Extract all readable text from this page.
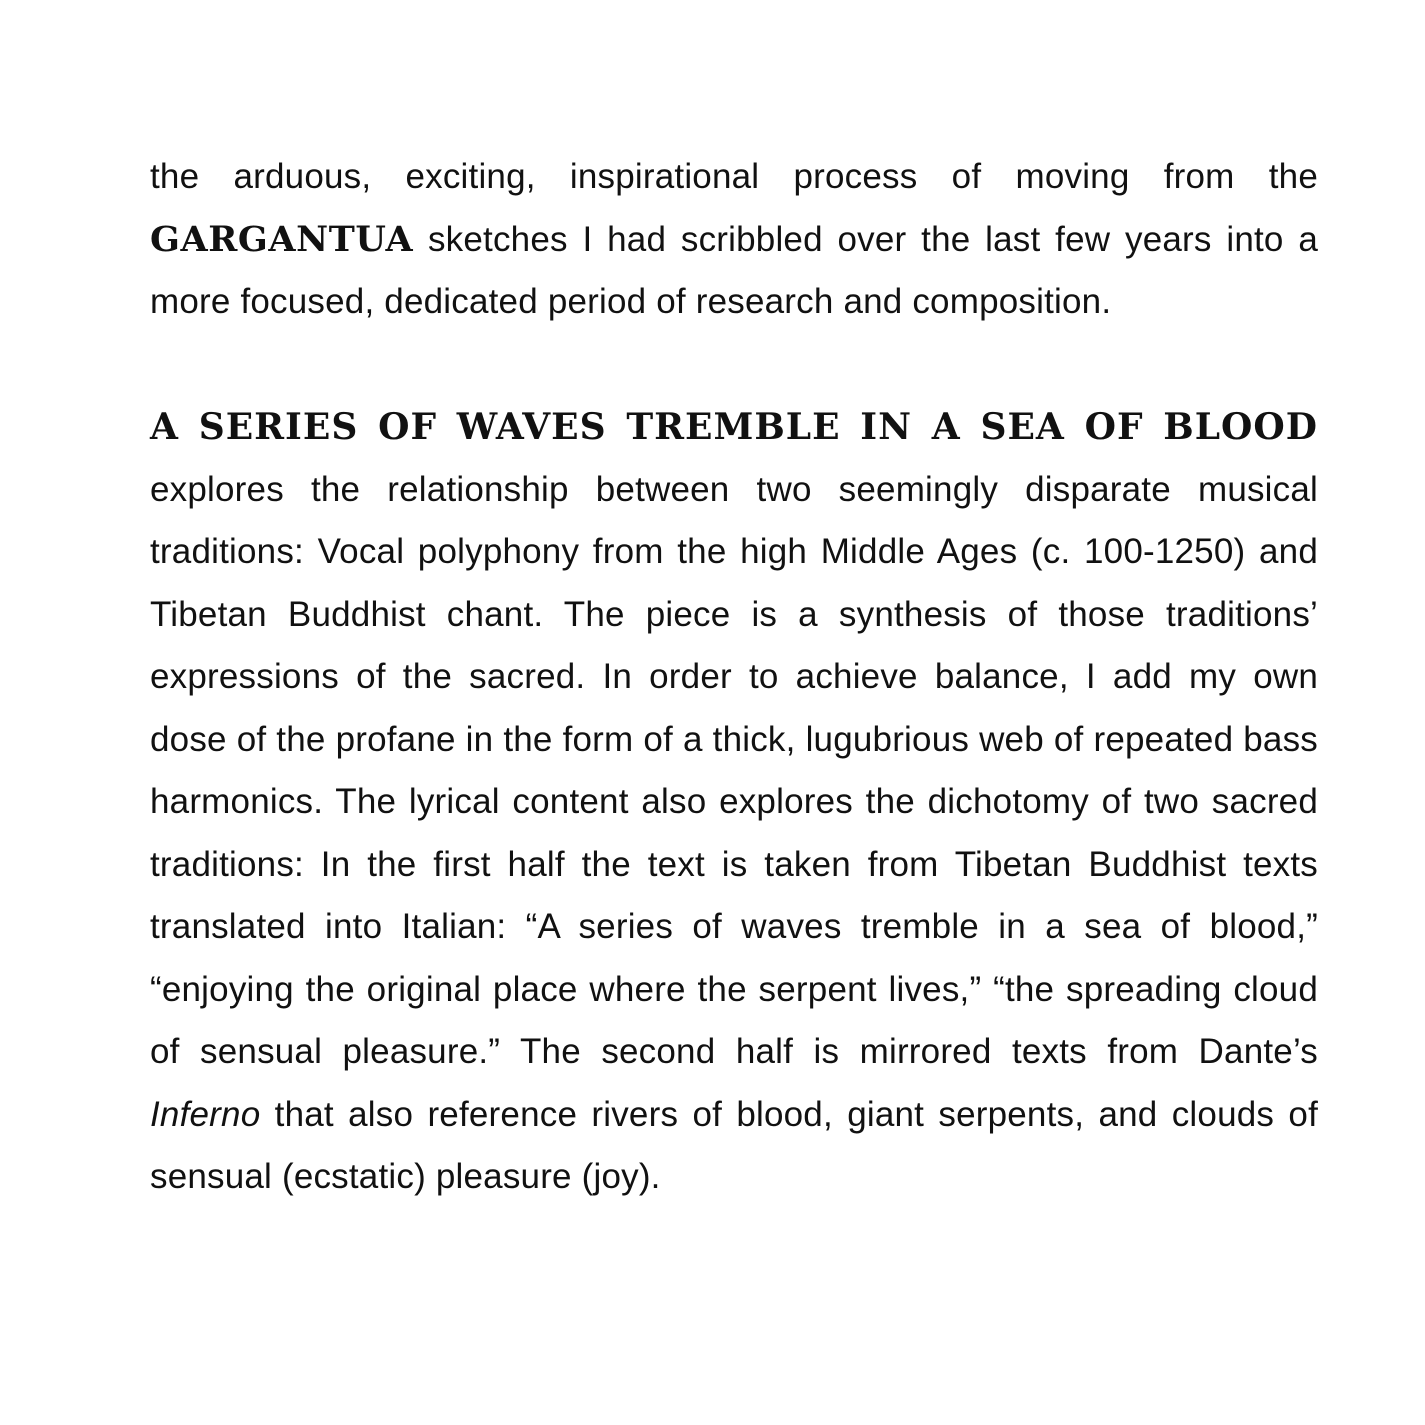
the arduous, exciting, inspirational process of moving from the GARGANTUA sketches I had scribbled over the last few years into a more focused, dedicated period of research and composition.

A SERIES OF WAVES TREMBLE IN A SEA OF BLOOD
explores the relationship between two seemingly disparate musical traditions: Vocal polyphony from the high Middle Ages (c. 100-1250) and Tibetan Buddhist chant. The piece is a synthesis of those traditions’ expressions of the sacred. In order to achieve balance, I add my own dose of the profane in the form of a thick, lugubrious web of repeated bass harmonics. The lyrical content also explores the dichotomy of two sacred traditions: In the first half the text is taken from Tibetan Buddhist texts translated into Italian: “A series of waves tremble in a sea of blood,” “enjoying the original place where the serpent lives,” “the spreading cloud of sensual pleasure.” The second half is mirrored texts from Dante’s Inferno that also reference rivers of blood, giant serpents, and clouds of sensual (ecstatic) pleasure (joy).
